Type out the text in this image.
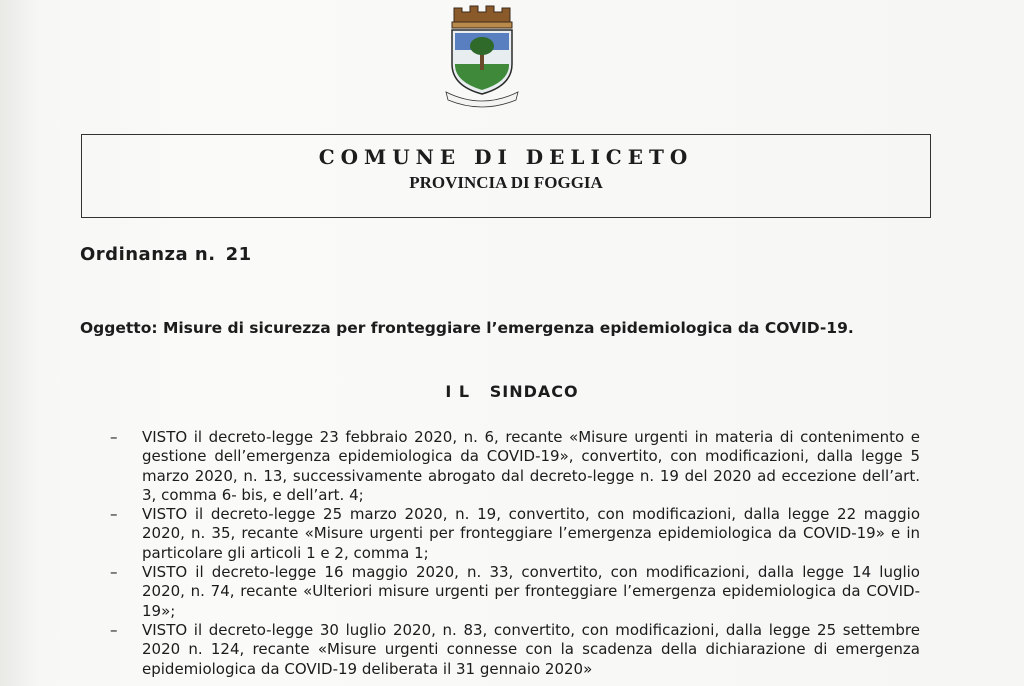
COMUNE DI DELICETO
PROVINCIA DI FOGGIA
Ordinanza n. 21
Oggetto: Misure di sicurezza per fronteggiare l’emergenza epidemiologica da COVID-19.
I L   SINDACO
– VISTO il decreto-legge 23 febbraio 2020, n. 6, recante «Misure urgenti in materia di contenimento e gestione dell’emergenza epidemiologica da COVID-19», convertito, con modificazioni, dalla legge 5 marzo 2020, n. 13, successivamente abrogato dal decreto-legge n. 19 del 2020 ad eccezione dell’art. 3, comma 6- bis, e dell’art. 4;
– VISTO il decreto-legge 25 marzo 2020, n. 19, convertito, con modificazioni, dalla legge 22 maggio 2020, n. 35, recante «Misure urgenti per fronteggiare l’emergenza epidemiologica da COVID-19» e in particolare gli articoli 1 e 2, comma 1;
– VISTO il decreto-legge 16 maggio 2020, n. 33, convertito, con modificazioni, dalla legge 14 luglio 2020, n. 74, recante «Ulteriori misure urgenti per fronteggiare l’emergenza epidemiologica da COVID-19»;
– VISTO il decreto-legge 30 luglio 2020, n. 83, convertito, con modificazioni, dalla legge 25 settembre 2020 n. 124, recante «Misure urgenti connesse con la scadenza della dichiarazione di emergenza epidemiologica da COVID-19 deliberata il 31 gennaio 2020»
